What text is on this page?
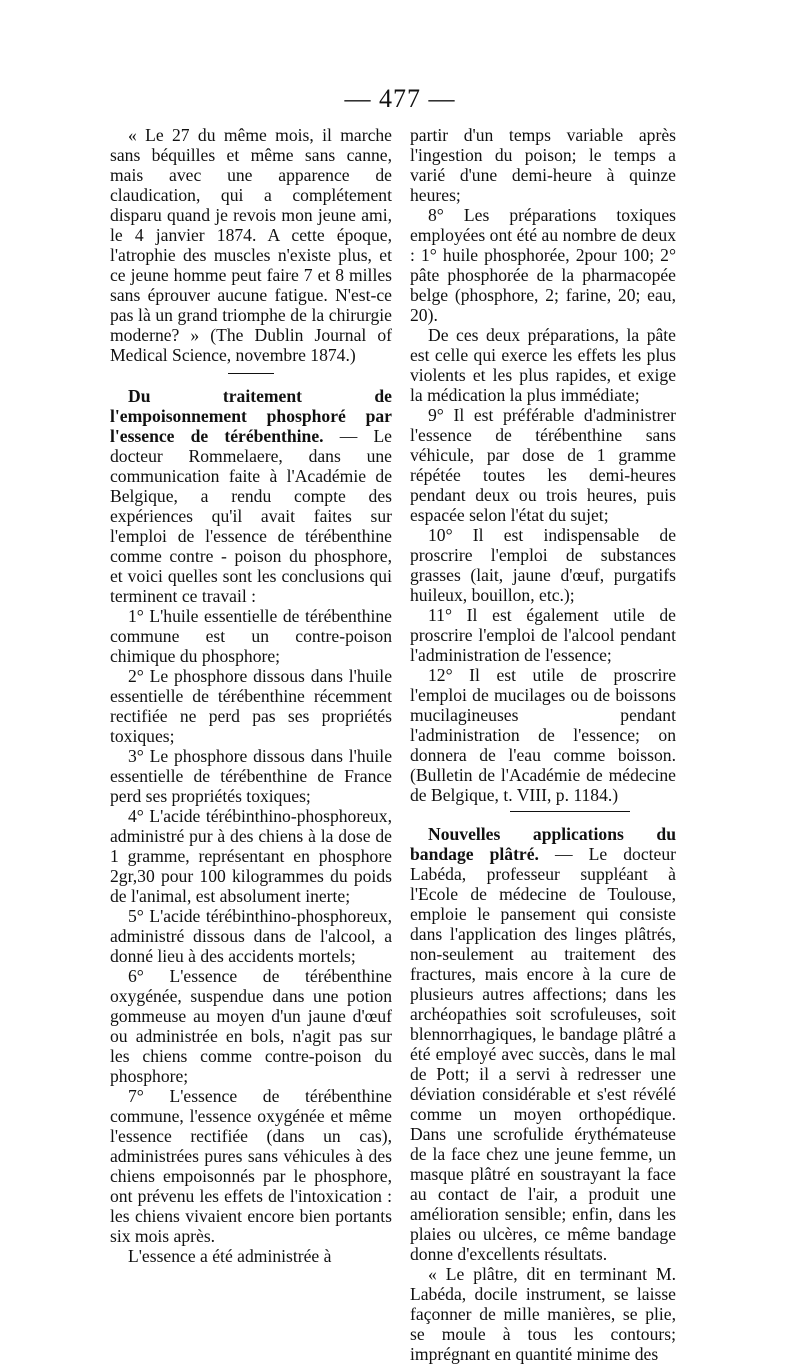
— 477 —

« Le 27 du même mois, il marche sans béquilles et même sans canne, mais avec une apparence de claudication, qui a complétement disparu quand je revois mon jeune ami, le 4 janvier 1874. A cette époque, l'atrophie des muscles n'existe plus, et ce jeune homme peut faire 7 et 8 milles sans éprouver aucune fatigue. N'est-ce pas là un grand triomphe de la chirurgie moderne? » (The Dublin Journal of Medical Science, novembre 1874.)

Du traitement de l'empoisonnement phosphoré par l'essence de térébenthine. — Le docteur Rommelaere, dans une communication faite à l'Académie de Belgique, a rendu compte des expériences qu'il avait faites sur l'emploi de l'essence de térébenthine comme contre - poison du phosphore, et voici quelles sont les conclusions qui terminent ce travail :

1° L'huile essentielle de térébenthine commune est un contre-poison chimique du phosphore;

2° Le phosphore dissous dans l'huile essentielle de térébenthine récemment rectifiée ne perd pas ses propriétés toxiques;

3° Le phosphore dissous dans l'huile essentielle de térébenthine de France perd ses propriétés toxiques;

4° L'acide térébinthino-phosphoreux, administré pur à des chiens à la dose de 1 gramme, représentant en phosphore 2gr,30 pour 100 kilogrammes du poids de l'animal, est absolument inerte;

5° L'acide térébinthino-phosphoreux, administré dissous dans de l'alcool, a donné lieu à des accidents mortels;

6° L'essence de térébenthine oxygénée, suspendue dans une potion gommeuse au moyen d'un jaune d'œuf ou administrée en bols, n'agit pas sur les chiens comme contre-poison du phosphore;

7° L'essence de térébenthine commune, l'essence oxygénée et même l'essence rectifiée (dans un cas), administrées pures sans véhicules à des chiens empoisonnés par le phosphore, ont prévenu les effets de l'intoxication : les chiens vivaient encore bien portants six mois après.

L'essence a été administrée à

partir d'un temps variable après l'ingestion du poison; le temps a varié d'une demi-heure à quinze heures;

8° Les préparations toxiques employées ont été au nombre de deux : 1° huile phosphorée, 2pour 100; 2° pâte phosphorée de la pharmacopée belge (phosphore, 2; farine, 20; eau, 20).

De ces deux préparations, la pâte est celle qui exerce les effets les plus violents et les plus rapides, et exige la médication la plus immédiate;

9° Il est préférable d'administrer l'essence de térébenthine sans véhicule, par dose de 1 gramme répétée toutes les demi-heures pendant deux ou trois heures, puis espacée selon l'état du sujet;

10° Il est indispensable de proscrire l'emploi de substances grasses (lait, jaune d'œuf, purgatifs huileux, bouillon, etc.);

11° Il est également utile de proscrire l'emploi de l'alcool pendant l'administration de l'essence;

12° Il est utile de proscrire l'emploi de mucilages ou de boissons mucilagineuses pendant l'administration de l'essence; on donnera de l'eau comme boisson. (Bulletin de l'Académie de médecine de Belgique, t. VIII, p. 1184.)

Nouvelles applications du bandage plâtré. — Le docteur Labéda, professeur suppléant à l'Ecole de médecine de Toulouse, emploie le pansement qui consiste dans l'application des linges plâtrés, non-seulement au traitement des fractures, mais encore à la cure de plusieurs autres affections; dans les archéopathies soit scrofuleuses, soit blennorrhagiques, le bandage plâtré a été employé avec succès, dans le mal de Pott; il a servi à redresser une déviation considérable et s'est révélé comme un moyen orthopédique. Dans une scrofulide érythémateuse de la face chez une jeune femme, un masque plâtré en soustrayant la face au contact de l'air, a produit une amélioration sensible; enfin, dans les plaies ou ulcères, ce même bandage donne d'excellents résultats.

« Le plâtre, dit en terminant M. Labéda, docile instrument, se laisse façonner de mille manières, se plie, se moule à tous les contours; imprégnant en quantité minime des
